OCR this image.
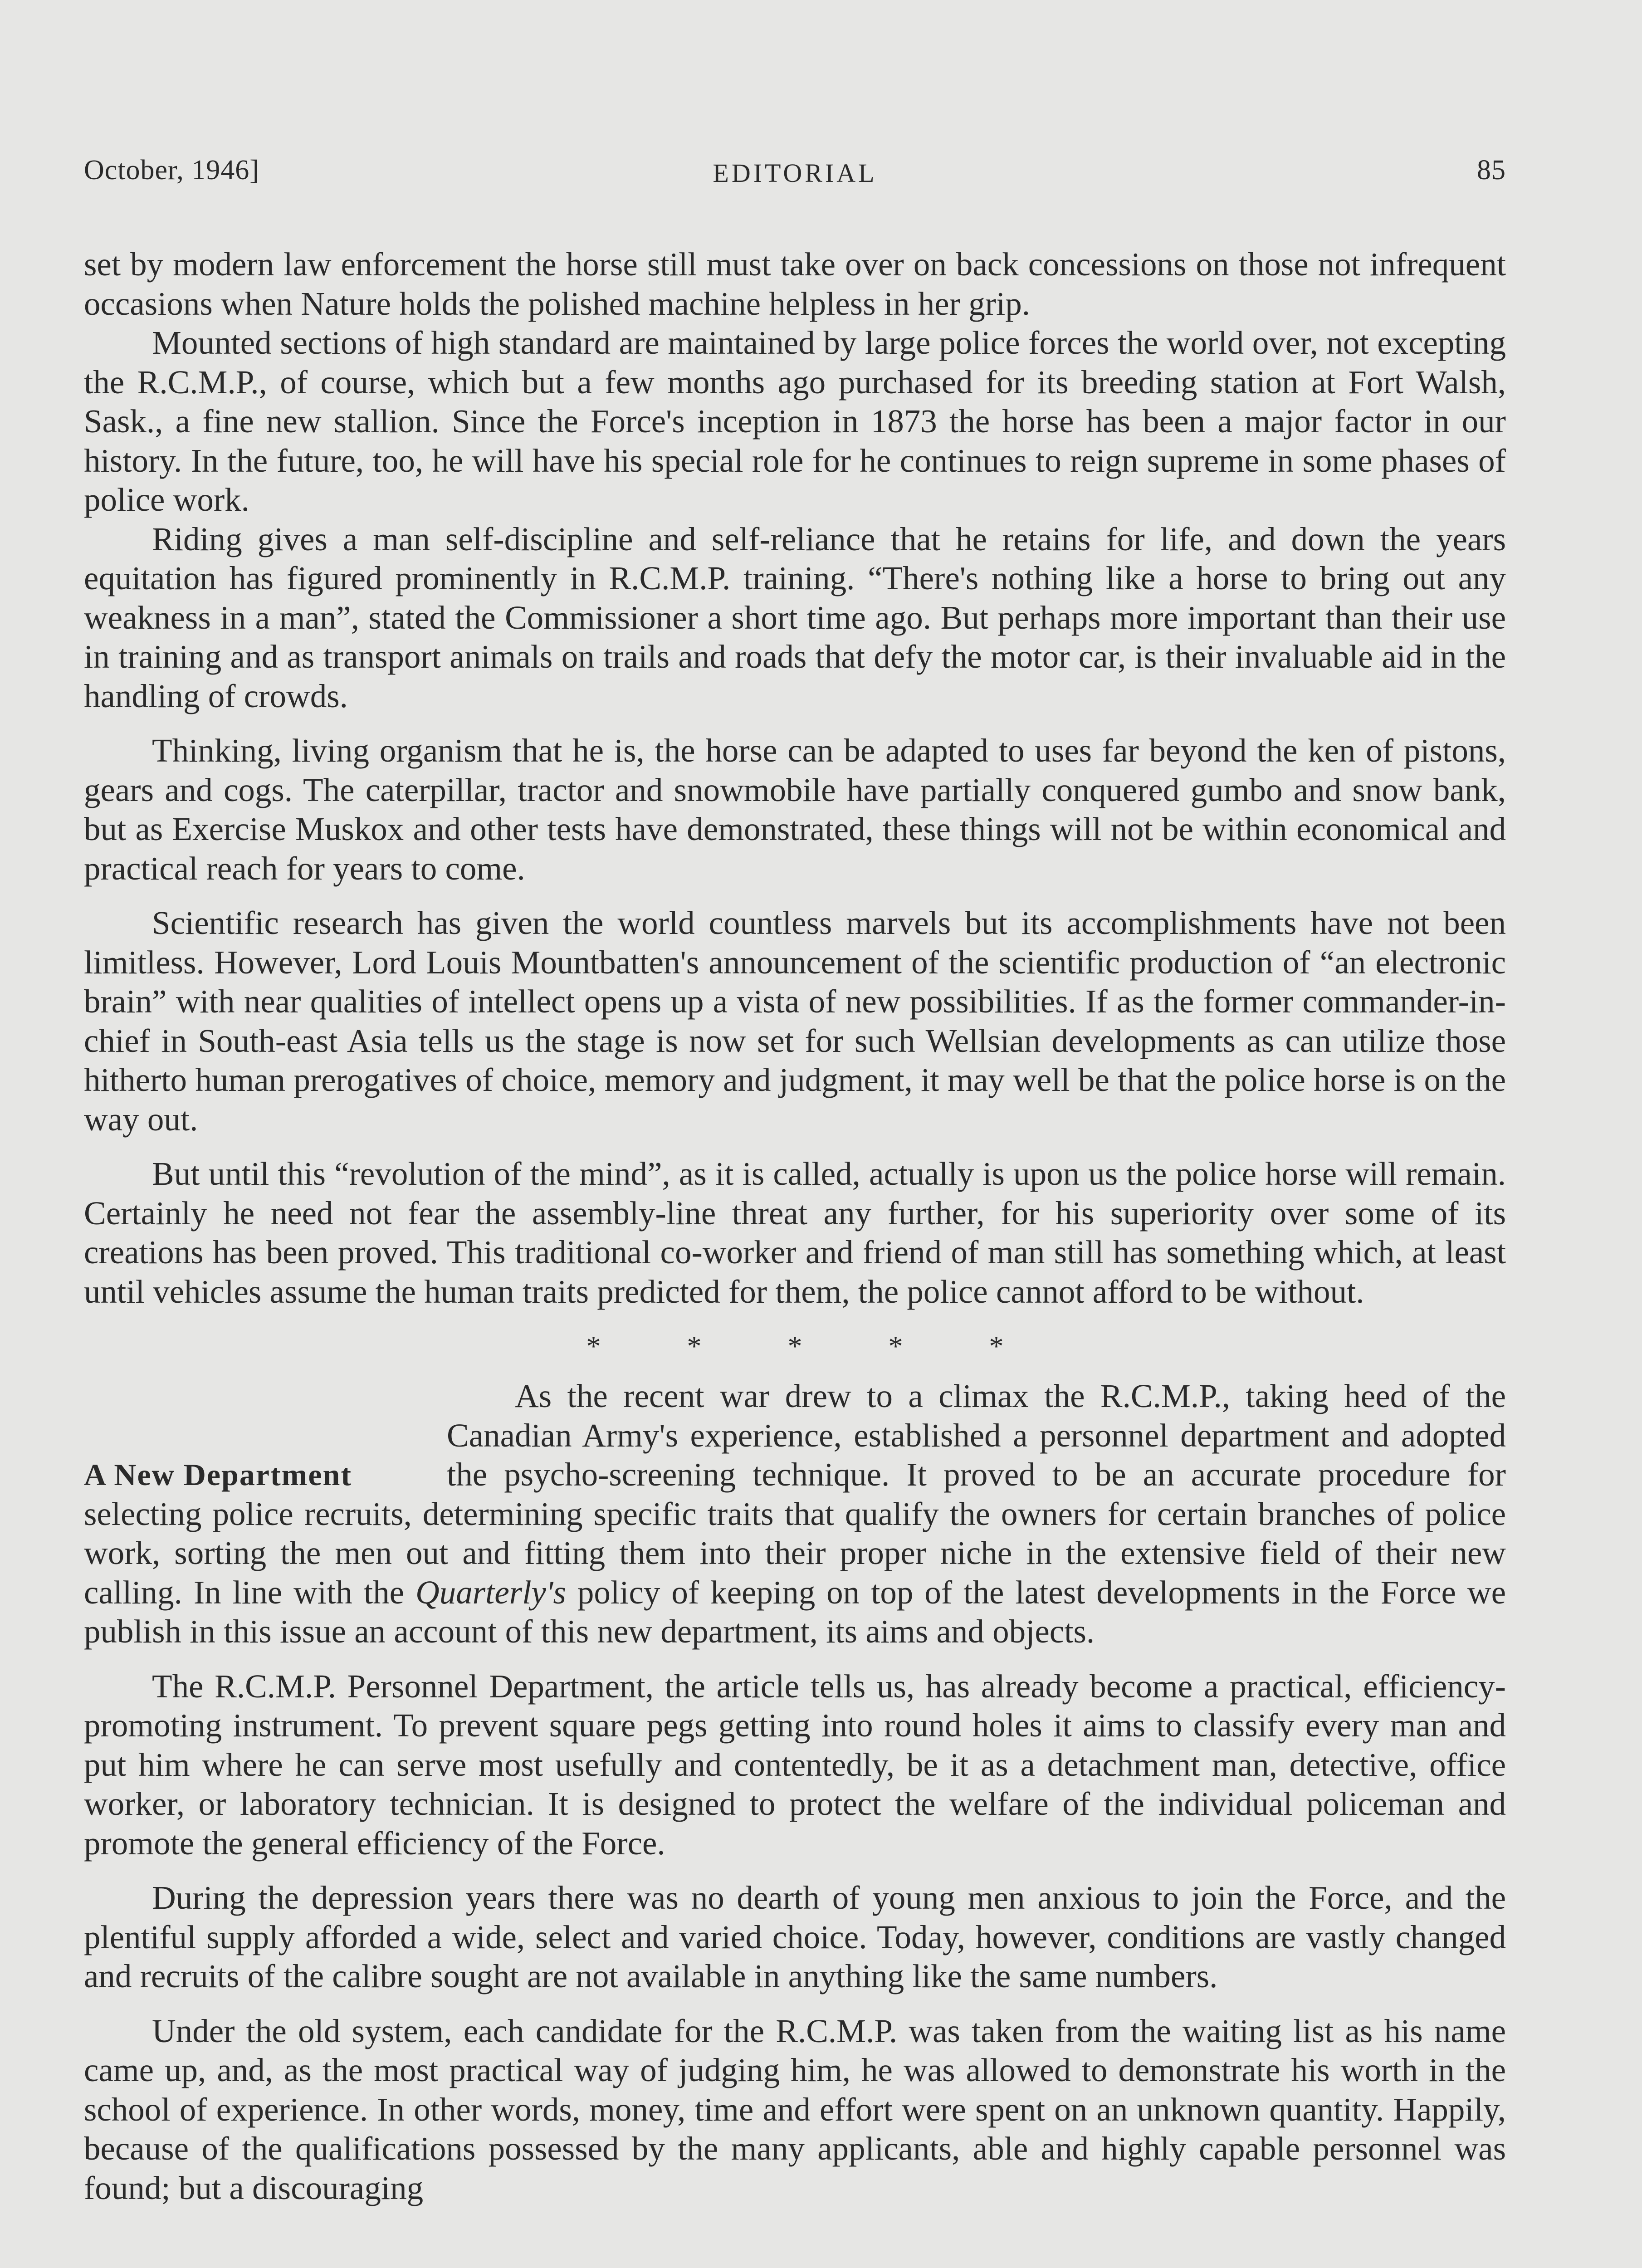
October, 1946]	EDITORIAL	85

set by modern law enforcement the horse still must take over on back concessions on those not infrequent occasions when Nature holds the polished machine helpless in her grip.

Mounted sections of high standard are maintained by large police forces the world over, not excepting the R.C.M.P., of course, which but a few months ago purchased for its breeding station at Fort Walsh, Sask., a fine new stallion. Since the Force's inception in 1873 the horse has been a major factor in our history. In the future, too, he will have his special role for he continues to reign supreme in some phases of police work.

Riding gives a man self-discipline and self-reliance that he retains for life, and down the years equitation has figured prominently in R.C.M.P. training. “There's nothing like a horse to bring out any weakness in a man”, stated the Commissioner a short time ago. But perhaps more important than their use in training and as transport animals on trails and roads that defy the motor car, is their invaluable aid in the handling of crowds.

Thinking, living organism that he is, the horse can be adapted to uses far beyond the ken of pistons, gears and cogs. The caterpillar, tractor and snowmobile have partially conquered gumbo and snow bank, but as Exercise Muskox and other tests have demonstrated, these things will not be within economical and practical reach for years to come.

Scientific research has given the world countless marvels but its accomplishments have not been limitless. However, Lord Louis Mountbatten's announcement of the scientific production of “an electronic brain” with near qualities of intellect opens up a vista of new possibilities. If as the former commander-in-chief in South-east Asia tells us the stage is now set for such Wellsian developments as can utilize those hitherto human prerogatives of choice, memory and judgment, it may well be that the police horse is on the way out.

But until this “revolution of the mind”, as it is called, actually is upon us the police horse will remain. Certainly he need not fear the assembly-line threat any further, for his superiority over some of its creations has been proved. This traditional co-worker and friend of man still has something which, at least until vehicles assume the human traits predicted for them, the police cannot afford to be without.

*	*	*	*	*
A New Department

As the recent war drew to a climax the R.C.M.P., taking heed of the Canadian Army's experience, established a personnel department and adopted the psycho-screening technique. It proved to be an accurate procedure for selecting police recruits, determining specific traits that qualify the owners for certain branches of police work, sorting the men out and fitting them into their proper niche in the extensive field of their new calling. In line with the Quarterly's policy of keeping on top of the latest developments in the Force we publish in this issue an account of this new department, its aims and objects.

The R.C.M.P. Personnel Department, the article tells us, has already become a practical, efficiency-promoting instrument. To prevent square pegs getting into round holes it aims to classify every man and put him where he can serve most usefully and contentedly, be it as a detachment man, detective, office worker, or laboratory technician. It is designed to protect the welfare of the individual policeman and promote the general efficiency of the Force.

During the depression years there was no dearth of young men anxious to join the Force, and the plentiful supply afforded a wide, select and varied choice. Today, however, conditions are vastly changed and recruits of the calibre sought are not available in anything like the same numbers.

Under the old system, each candidate for the R.C.M.P. was taken from the waiting list as his name came up, and, as the most practical way of judging him, he was allowed to demonstrate his worth in the school of experience. In other words, money, time and effort were spent on an unknown quantity. Happily, because of the qualifications possessed by the many applicants, able and highly capable personnel was found; but a discouraging
